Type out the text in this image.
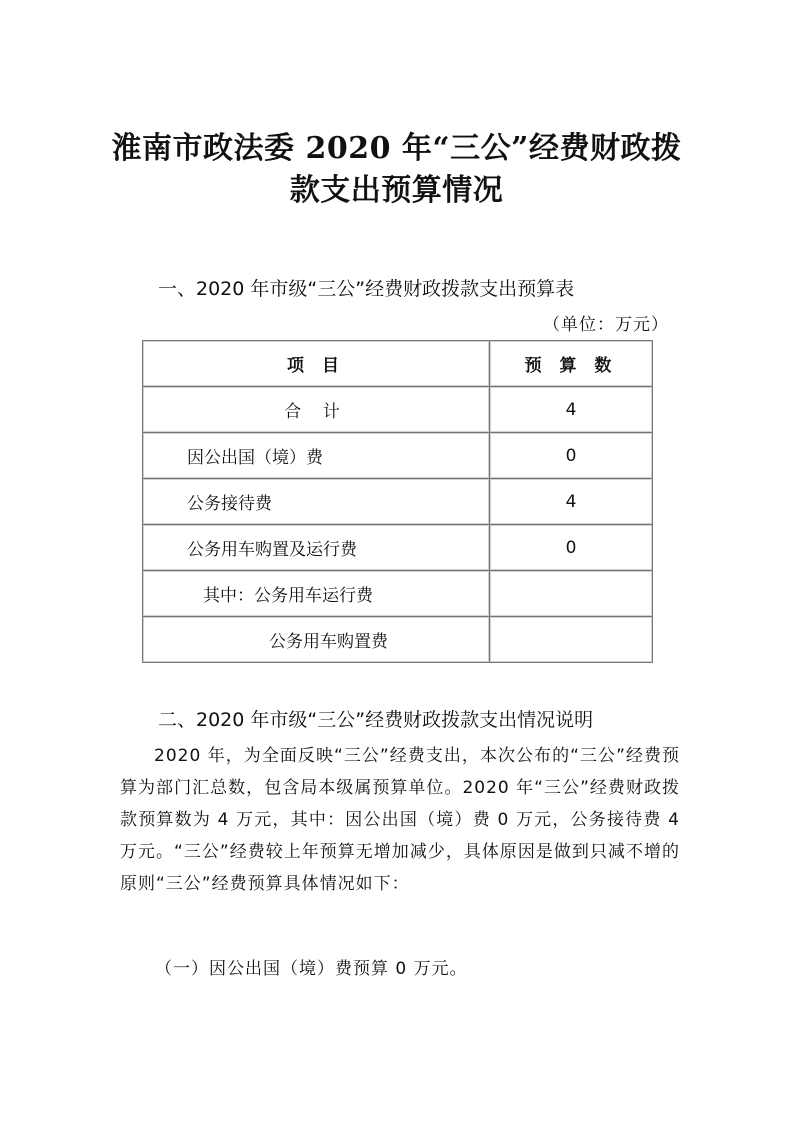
淮南市政法委 2020 年“三公”经费财政拨
款支出预算情况
一、2020 年市级“三公”经费财政拨款支出预算表
（单位：万元）
项 目	预 算 数
合 计	4
因公出国（境）费	0
公务接待费	4
公务用车购置及运行费	0
其中：公务用车运行费	
公务用车购置费	
二、2020 年市级“三公”经费财政拨款支出情况说明

2020 年，为全面反映“三公”经费支出，本次公布的“三公”经费预算为部门汇总数，包含局本级属预算单位。2020 年“三公”经费财政拨款预算数为 4 万元，其中：因公出国（境）费 0 万元，公务接待费 4 万元。“三公”经费较上年预算无增加减少，具体原因是做到只减不增的原则“三公”经费预算具体情况如下：

（一）因公出国（境）费预算 0 万元。
